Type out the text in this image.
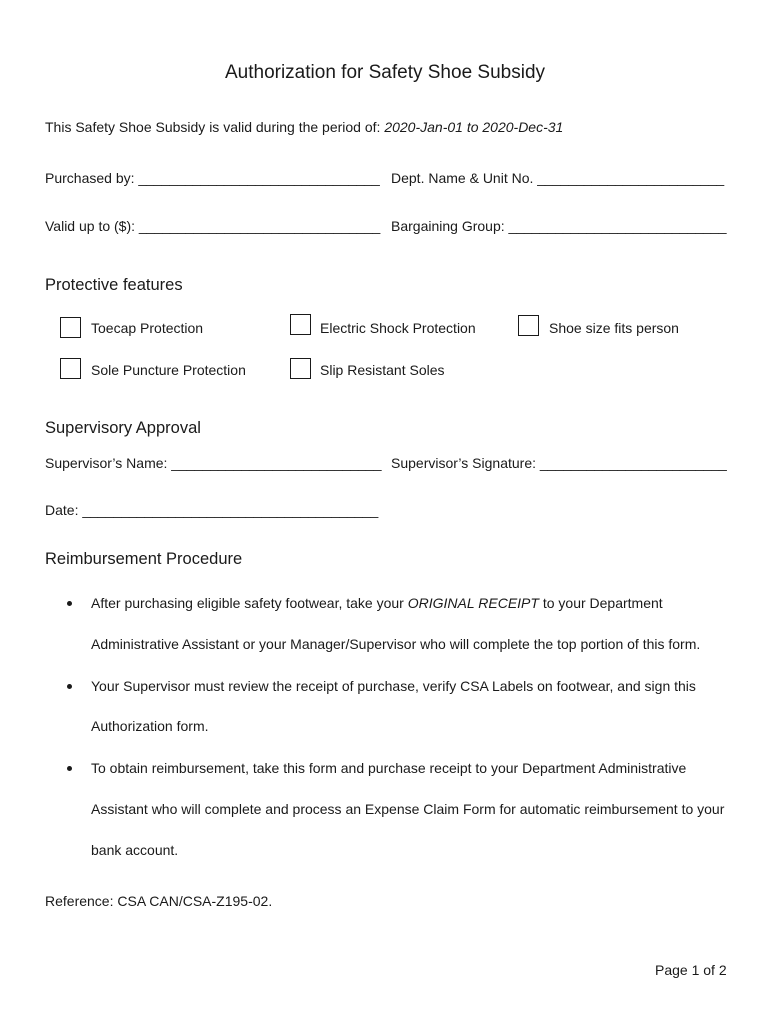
Authorization for Safety Shoe Subsidy
This Safety Shoe Subsidy is valid during the period of: 2020-Jan-01 to 2020-Dec-31
Purchased by: _______________________________ Dept. Name & Unit No. ________________________
Valid up to ($): _______________________________ Bargaining Group: ____________________________
Protective features
Toecap Protection	Electric Shock Protection	Shoe size fits person
Sole Puncture Protection	Slip Resistant Soles
Supervisory Approval
Supervisor’s Name: ___________________________ Supervisor’s Signature: ________________________
Date: ______________________________________
Reimbursement Procedure
After purchasing eligible safety footwear, take your ORIGINAL RECEIPT to your Department
Administrative Assistant or your Manager/Supervisor who will complete the top portion of this form.
Your Supervisor must review the receipt of purchase, verify CSA Labels on footwear, and sign this
Authorization form.
To obtain reimbursement, take this form and purchase receipt to your Department Administrative
Assistant who will complete and process an Expense Claim Form for automatic reimbursement to your
bank account.
Reference: CSA CAN/CSA-Z195-02.
Page 1 of 2
